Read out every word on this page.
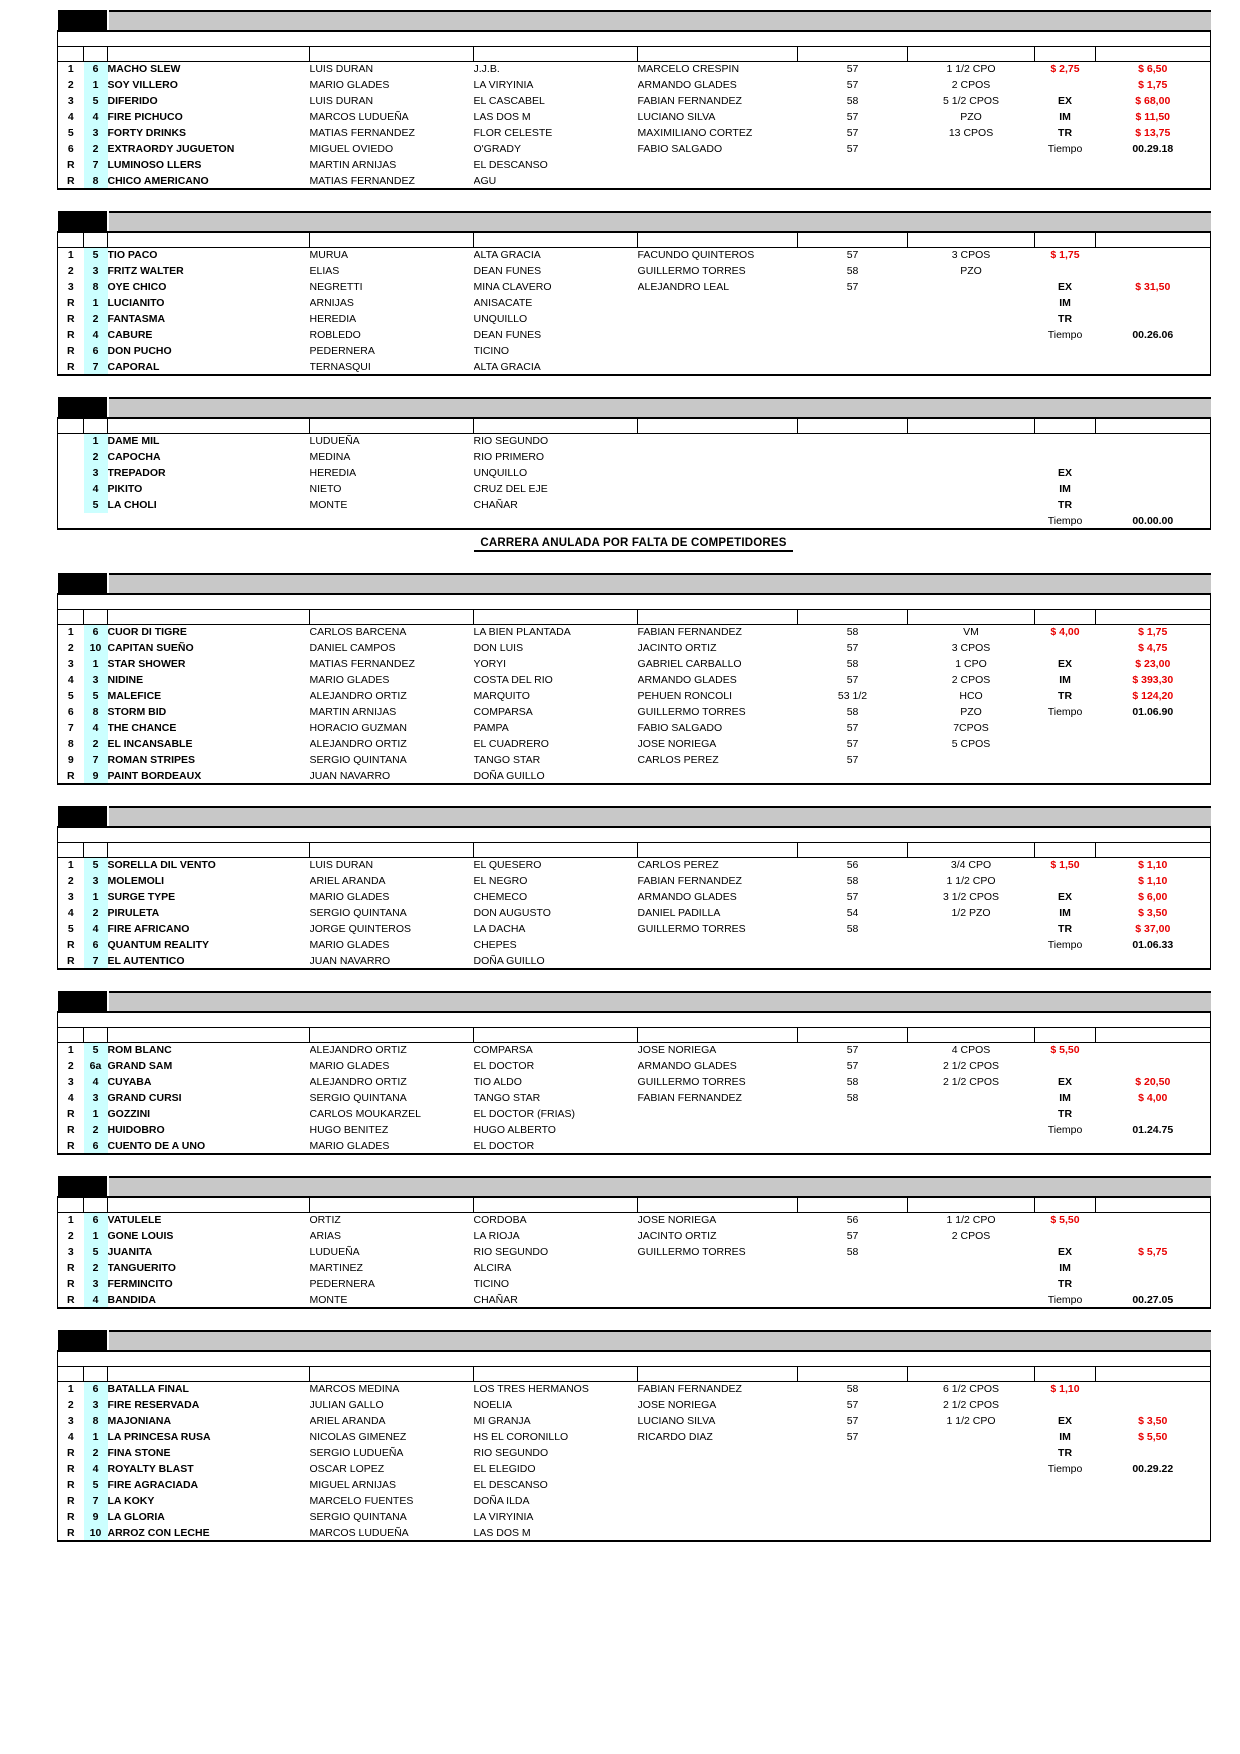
1	6	MACHO SLEW	LUIS DURAN	J.J.B.	MARCELO CRESPIN	57	1 1/2 CPO	$ 2,75	$ 6,50
2	1	SOY VILLERO	MARIO GLADES	LA VIRYINIA	ARMANDO GLADES	57	2 CPOS		$ 1,75
3	5	DIFERIDO	LUIS DURAN	EL CASCABEL	FABIAN FERNANDEZ	58	5 1/2 CPOS	EX	$ 68,00
4	4	FIRE PICHUCO	MARCOS LUDUEÑA	LAS DOS M	LUCIANO SILVA	57	PZO	IM	$ 11,50
5	3	FORTY DRINKS	MATIAS FERNANDEZ	FLOR CELESTE	MAXIMILIANO CORTEZ	57	13 CPOS	TR	$ 13,75
6	2	EXTRAORDY JUGUETON	MIGUEL OVIEDO	O'GRADY	FABIO SALGADO	57		Tiempo	00.29.18
R	7	LUMINOSO LLERS	MARTIN ARNIJAS	EL DESCANSO					
R	8	CHICO AMERICANO	MATIAS FERNANDEZ	AGU					

1	5	TIO PACO	MURUA	ALTA GRACIA	FACUNDO QUINTEROS	57	3 CPOS	$ 1,75	
2	3	FRITZ WALTER	ELIAS	DEAN FUNES	GUILLERMO TORRES	58	PZO		
3	8	OYE CHICO	NEGRETTI	MINA CLAVERO	ALEJANDRO LEAL	57		EX	$ 31,50
R	1	LUCIANITO	ARNIJAS	ANISACATE				IM	
R	2	FANTASMA	HEREDIA	UNQUILLO				TR	
R	4	CABURE	ROBLEDO	DEAN FUNES				Tiempo	00.26.06
R	6	DON PUCHO	PEDERNERA	TICINO					
R	7	CAPORAL	TERNASQUI	ALTA GRACIA					

	1	DAME MIL	LUDUEÑA	RIO SEGUNDO					
	2	CAPOCHA	MEDINA	RIO PRIMERO					
	3	TREPADOR	HEREDIA	UNQUILLO				EX	
	4	PIKITO	NIETO	CRUZ DEL EJE				IM	
	5	LA CHOLI	MONTE	CHAÑAR				TR	
								Tiempo	00.00.00
CARRERA ANULADA POR FALTA DE COMPETIDORES

1	6	CUOR DI TIGRE	CARLOS BARCENA	LA BIEN PLANTADA	FABIAN FERNANDEZ	58	VM	$ 4,00	$ 1,75
2	10	CAPITAN SUEÑO	DANIEL CAMPOS	DON LUIS	JACINTO ORTIZ	57	3 CPOS		$ 4,75
3	1	STAR SHOWER	MATIAS FERNANDEZ	YORYI	GABRIEL CARBALLO	58	1 CPO	EX	$ 23,00
4	3	NIDINE	MARIO GLADES	COSTA DEL RIO	ARMANDO GLADES	57	2 CPOS	IM	$ 393,30
5	5	MALEFICE	ALEJANDRO ORTIZ	MARQUITO	PEHUEN RONCOLI	53 1/2	HCO	TR	$ 124,20
6	8	STORM BID	MARTIN ARNIJAS	COMPARSA	GUILLERMO TORRES	58	PZO	Tiempo	01.06.90
7	4	THE CHANCE	HORACIO GUZMAN	PAMPA	FABIO SALGADO	57	7CPOS		
8	2	EL INCANSABLE	ALEJANDRO ORTIZ	EL CUADRERO	JOSE NORIEGA	57	5 CPOS		
9	7	ROMAN STRIPES	SERGIO QUINTANA	TANGO STAR	CARLOS PEREZ	57			
R	9	PAINT BORDEAUX	JUAN NAVARRO	DOÑA GUILLO					

1	5	SORELLA DIL VENTO	LUIS DURAN	EL QUESERO	CARLOS PEREZ	56	3/4 CPO	$ 1,50	$ 1,10
2	3	MOLEMOLI	ARIEL ARANDA	EL NEGRO	FABIAN FERNANDEZ	58	1 1/2 CPO		$ 1,10
3	1	SURGE TYPE	MARIO GLADES	CHEMECO	ARMANDO GLADES	57	3 1/2 CPOS	EX	$ 6,00
4	2	PIRULETA	SERGIO QUINTANA	DON AUGUSTO	DANIEL PADILLA	54	1/2 PZO	IM	$ 3,50
5	4	FIRE AFRICANO	JORGE QUINTEROS	LA DACHA	GUILLERMO TORRES	58		TR	$ 37,00
R	6	QUANTUM REALITY	MARIO GLADES	CHEPES				Tiempo	01.06.33
R	7	EL AUTENTICO	JUAN NAVARRO	DOÑA GUILLO					

1	5	ROM BLANC	ALEJANDRO ORTIZ	COMPARSA	JOSE NORIEGA	57	4 CPOS	$ 5,50	
2	6a	GRAND SAM	MARIO GLADES	EL DOCTOR	ARMANDO GLADES	57	2 1/2 CPOS		
3	4	CUYABA	ALEJANDRO ORTIZ	TIO ALDO	GUILLERMO TORRES	58	2 1/2 CPOS	EX	$ 20,50
4	3	GRAND CURSI	SERGIO QUINTANA	TANGO STAR	FABIAN FERNANDEZ	58		IM	$ 4,00
R	1	GOZZINI	CARLOS MOUKARZEL	EL DOCTOR (FRIAS)				TR	
R	2	HUIDOBRO	HUGO BENITEZ	HUGO ALBERTO				Tiempo	01.24.75
R	6	CUENTO DE A UNO	MARIO GLADES	EL DOCTOR					

1	6	VATULELE	ORTIZ	CORDOBA	JOSE NORIEGA	56	1 1/2 CPO	$ 5,50	
2	1	GONE LOUIS	ARIAS	LA RIOJA	JACINTO ORTIZ	57	2 CPOS		
3	5	JUANITA	LUDUEÑA	RIO SEGUNDO	GUILLERMO TORRES	58		EX	$ 5,75
R	2	TANGUERITO	MARTINEZ	ALCIRA				IM	
R	3	FERMINCITO	PEDERNERA	TICINO				TR	
R	4	BANDIDA	MONTE	CHAÑAR				Tiempo	00.27.05

1	6	BATALLA FINAL	MARCOS MEDINA	LOS TRES HERMANOS	FABIAN FERNANDEZ	58	6 1/2 CPOS	$ 1,10	
2	3	FIRE RESERVADA	JULIAN GALLO	NOELIA	JOSE NORIEGA	57	2 1/2 CPOS		
3	8	MAJONIANA	ARIEL ARANDA	MI GRANJA	LUCIANO SILVA	57	1 1/2 CPO	EX	$ 3,50
4	1	LA PRINCESA RUSA	NICOLAS GIMENEZ	HS EL CORONILLO	RICARDO DIAZ	57		IM	$ 5,50
R	2	FINA STONE	SERGIO LUDUEÑA	RIO SEGUNDO				TR	
R	4	ROYALTY BLAST	OSCAR LOPEZ	EL ELEGIDO				Tiempo	00.29.22
R	5	FIRE AGRACIADA	MIGUEL ARNIJAS	EL DESCANSO					
R	7	LA KOKY	MARCELO FUENTES	DOÑA ILDA					
R	9	LA GLORIA	SERGIO QUINTANA	LA VIRYINIA					
R	10	ARROZ CON LECHE	MARCOS LUDUEÑA	LAS DOS M					
